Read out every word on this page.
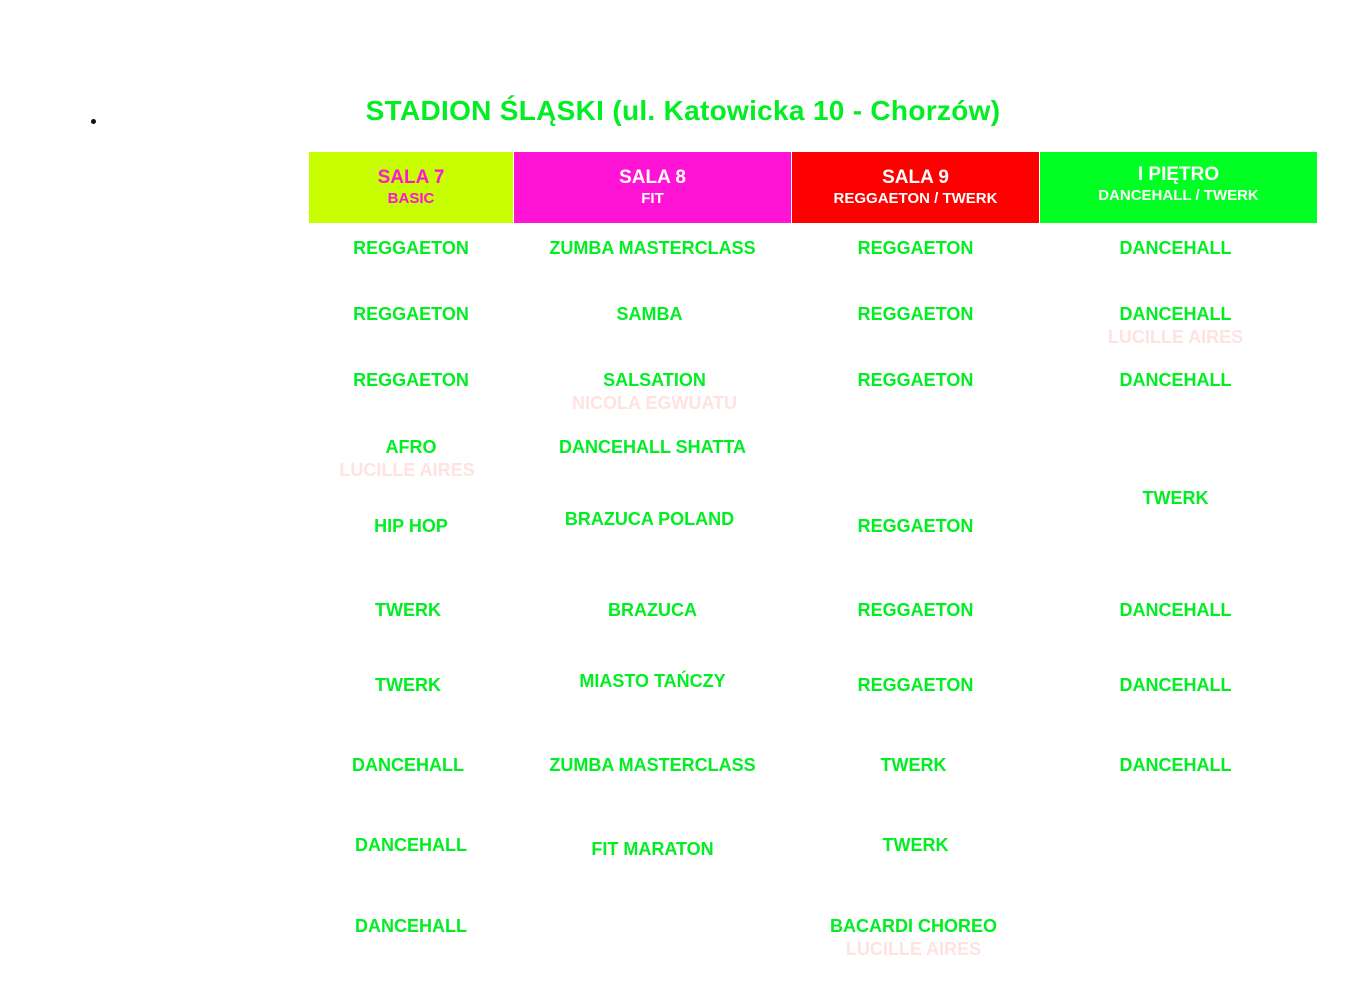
STADION ŚLĄSKI (ul. Katowicka 10 - Chorzów)
SALA 7
BASIC
SALA 8
FIT
SALA 9
REGGAETON / TWERK
I PIĘTRO
DANCEHALL / TWERK
REGGAETON
REGGAETON
REGGAETON
AFRO
LUCILLE AIRES
HIP HOP
TWERK
TWERK
DANCEHALL
DANCEHALL
DANCEHALL
ZUMBA MASTERCLASS
SAMBA
SALSATION
NICOLA EGWUATU
DANCEHALL SHATTA
BRAZUCA POLAND
BRAZUCA
MIASTO TAŃCZY
ZUMBA MASTERCLASS
FIT MARATON
REGGAETON
REGGAETON
REGGAETON
REGGAETON
REGGAETON
REGGAETON
TWERK
TWERK
BACARDI CHOREO
LUCILLE AIRES
DANCEHALL
DANCEHALL
LUCILLE AIRES
DANCEHALL
TWERK
DANCEHALL
DANCEHALL
DANCEHALL
